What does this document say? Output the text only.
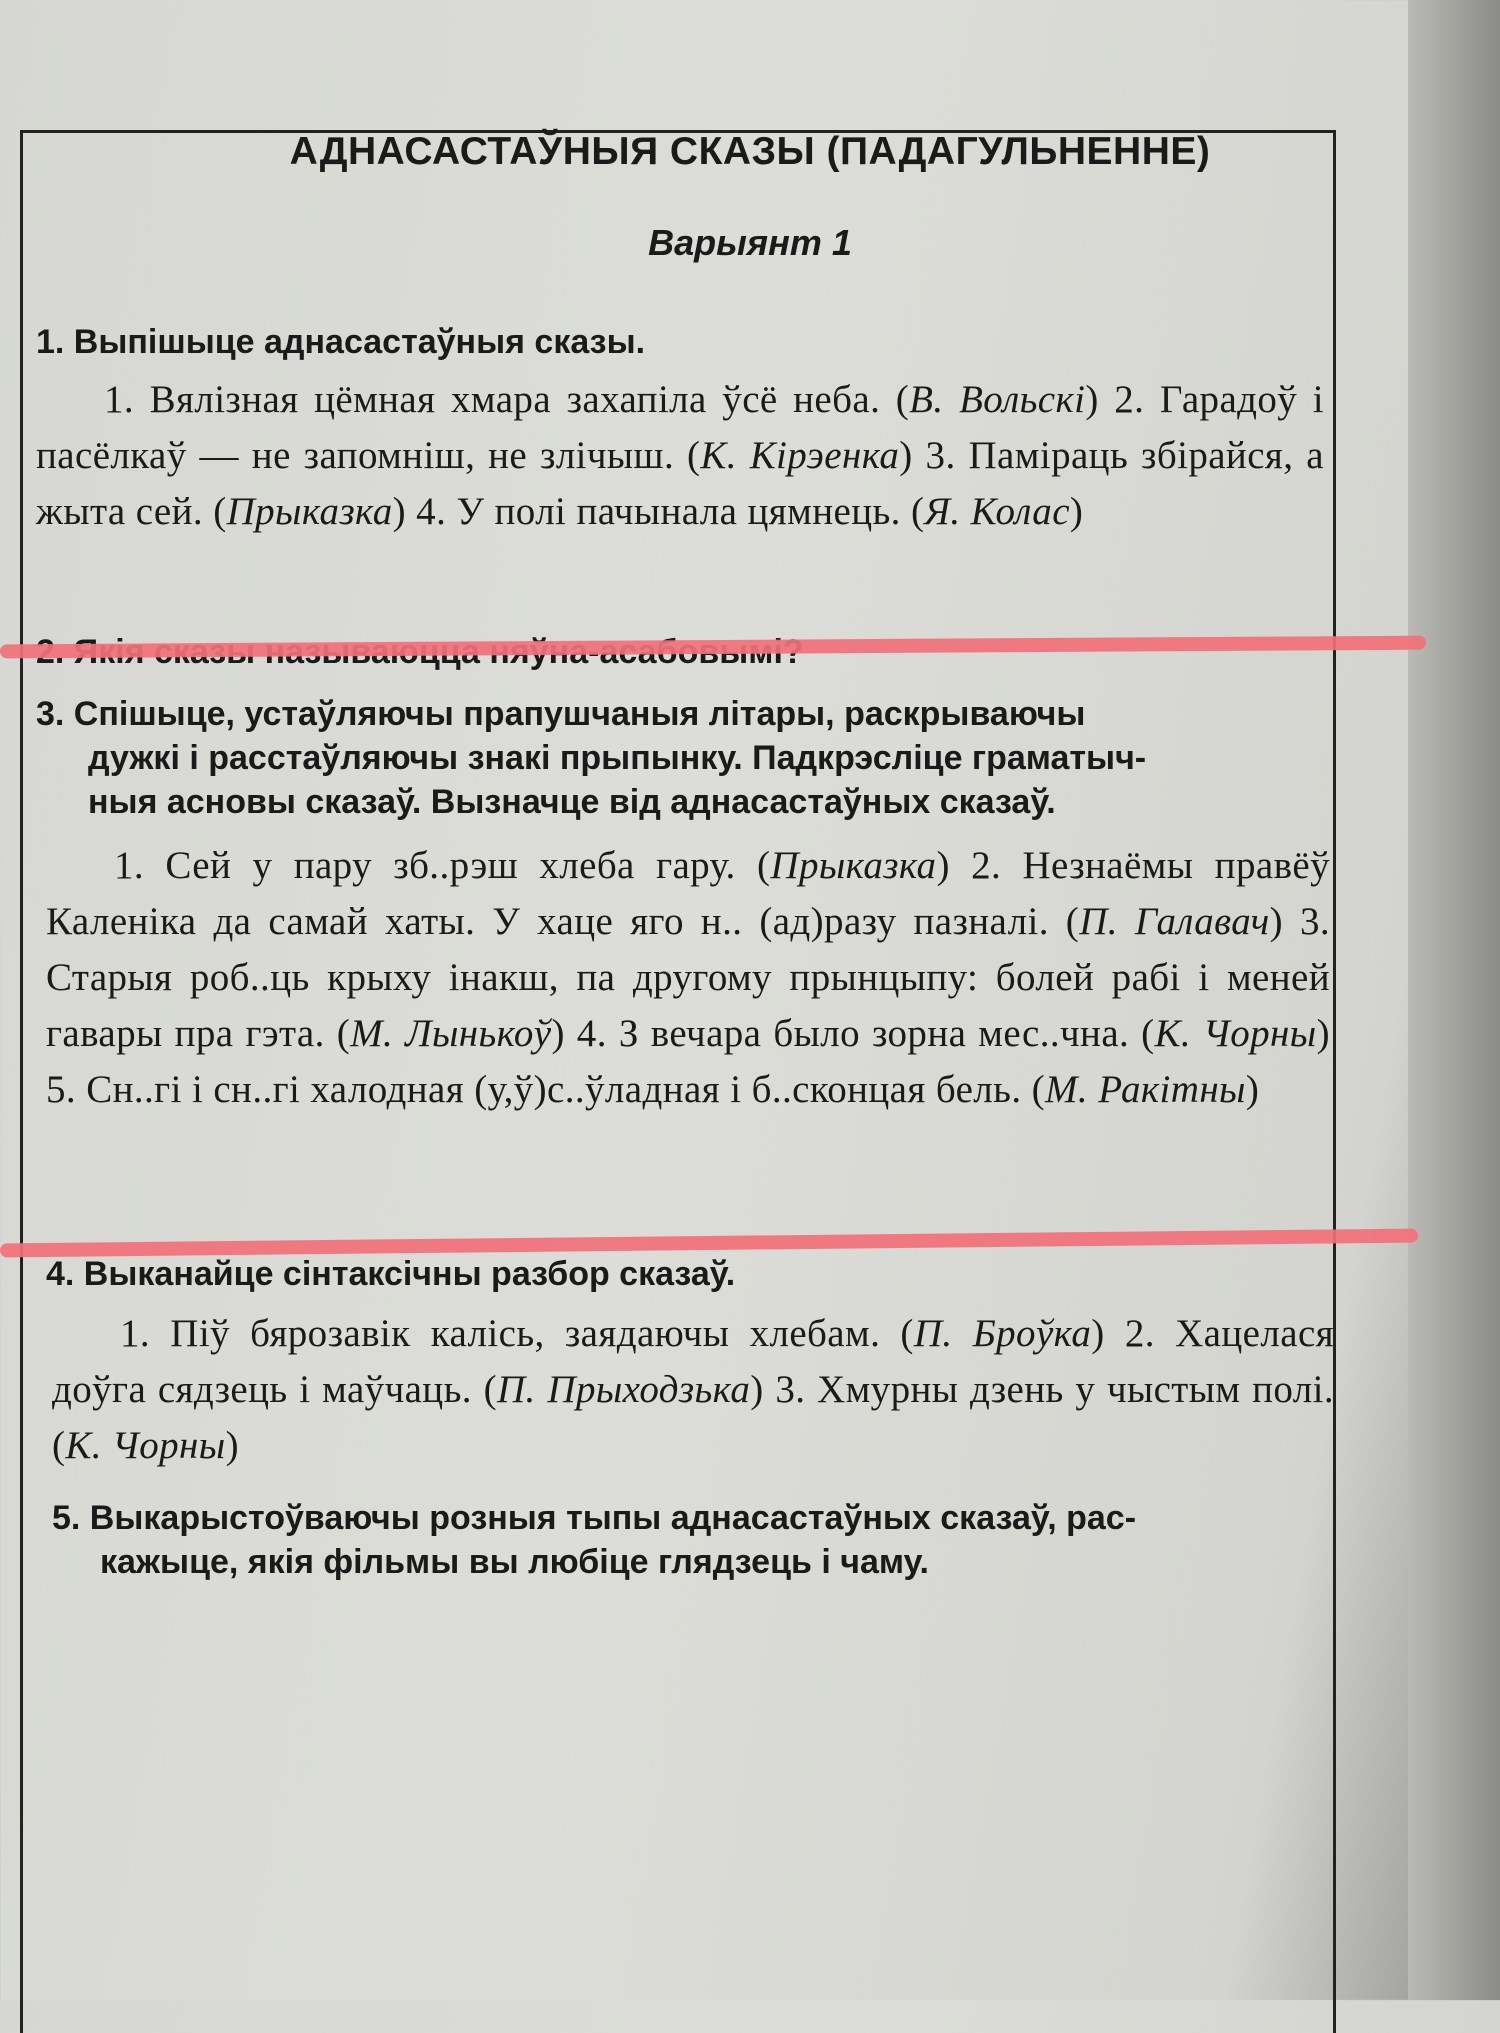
АДНАСАСТАЎНЫЯ СКАЗЫ (ПАДАГУЛЬНЕННЕ)
Варыянт 1

1. Выпішыце аднасастаўныя сказы.

1. Вялізная цёмная хмара захапіла ўсё неба. (В. Вольскі) 2. Гарадоў і пасёлкаў — не запомніш, не злічыш. (К. Кірэенка) 3. Паміраць збірайся, а жыта сей. (Прыказка) 4. У полі пачынала цямнець. (Я. Колас)

3. Спішыце, устаўляючы прапушчаныя літары, раскрываючы
дужкі і расстаўляючы знакі прыпынку. Падкрэсліце граматыч-
ныя асновы сказаў. Вызначце від аднасастаўных сказаў.

1. Сей у пару зб..рэш хлеба гару. (Прыказка) 2. Незнаёмы правёў Каленіка да самай хаты. У хаце яго н.. (ад)разу пазналі. (П. Галавач) 3. Старыя роб..ць крыху інакш, па другому прынцыпу: болей рабі і меней гавары пра гэта. (М. Лынькоў) 4. З вечара было зорна мес..чна. (К. Чорны) 5. Сн..гі і сн..гі халодная (у,ў)с..ўладная і б..сконцая бель. (М. Ракітны)

4. Выканайце сінтаксічны разбор сказаў.

1. Піў бярозавік калісь, заядаючы хлебам. (П. Броўка) 2. Хацелася доўга сядзець і маўчаць. (П. Прыходзька) 3. Хмурны дзень у чыстым полі. (К. Чорны)

5. Выкарыстоўваючы розныя тыпы аднасастаўных сказаў, рас-
кажыце, якія фільмы вы любіце глядзець і чаму.
